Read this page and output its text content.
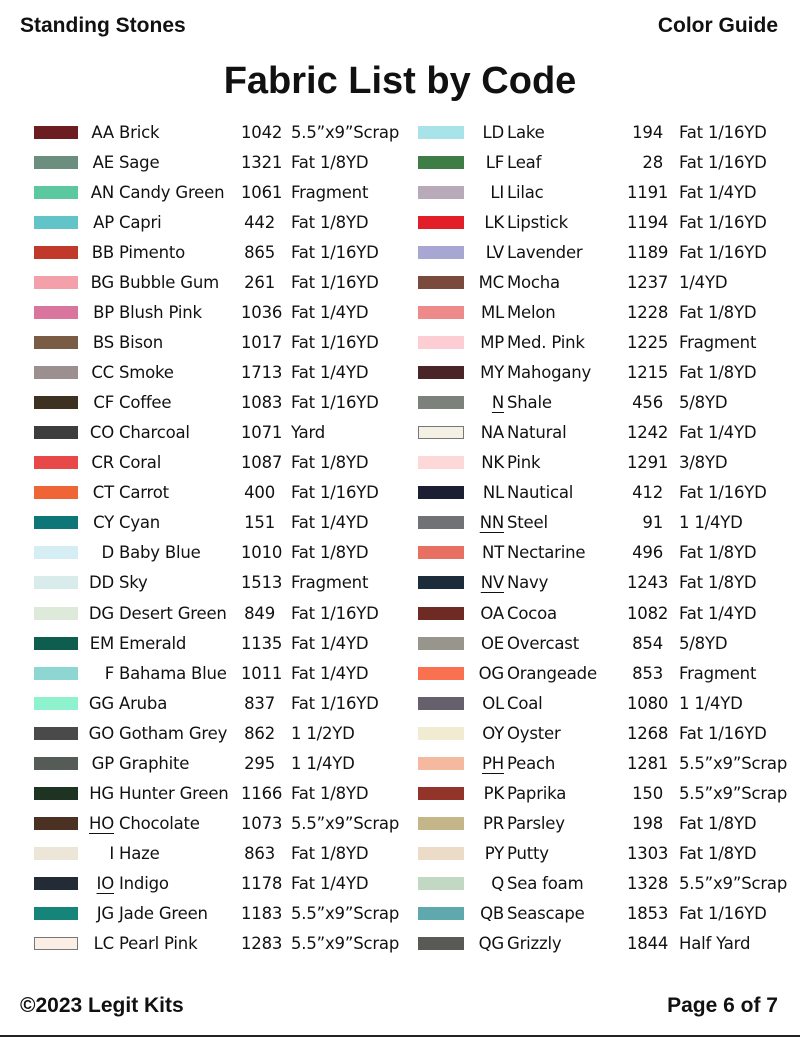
Standing Stones	Color Guide
Fabric List by Code
AA Brick	1042 5.5”x9”Scrap
AE Sage	1321 Fat 1/8YD
AN Candy Green	1061 Fragment
AP Capri	442 Fat 1/8YD
BB Pimento	865 Fat 1/16YD
BG Bubble Gum	261 Fat 1/16YD
BP Blush Pink	1036 Fat 1/4YD
BS Bison	1017 Fat 1/16YD
CC Smoke	1713 Fat 1/4YD
CF Coffee	1083 Fat 1/16YD
CO Charcoal	1071 Yard
CR Coral	1087 Fat 1/8YD
CT Carrot	400 Fat 1/16YD
CY Cyan	151 Fat 1/4YD
D Baby Blue	1010 Fat 1/8YD
DD Sky	1513 Fragment
DG Desert Green	849 Fat 1/16YD
EM Emerald	1135 Fat 1/4YD
F Bahama Blue 1011 Fat 1/4YD
GG Aruba	837 Fat 1/16YD
GO Gotham Grey	862 1 1/2YD
GP Graphite	295 1 1/4YD
HG Hunter Green 1166 Fat 1/8YD
HO Chocolate	1073 5.5”x9”Scrap
I Haze	863 Fat 1/8YD
IO Indigo	1178 Fat 1/4YD
JG Jade Green	1183 5.5”x9”Scrap
LC Pearl Pink	1283 5.5”x9”Scrap
LD Lake	194 Fat 1/16YD
LF Leaf	28 Fat 1/16YD
LI Lilac	1191 Fat 1/4YD
LK Lipstick	1194 Fat 1/16YD
LV Lavender	1189 Fat 1/16YD
MC Mocha	1237 1/4YD
ML Melon	1228 Fat 1/8YD
MP Med. Pink	1225 Fragment
MY Mahogany	1215 Fat 1/8YD
N Shale	456 5/8YD
NA Natural	1242 Fat 1/4YD
NK Pink	1291 3/8YD
NL Nautical	412 Fat 1/16YD
NN Steel	91 1 1/4YD
NT Nectarine	496 Fat 1/8YD
NV Navy	1243 Fat 1/8YD
OA Cocoa	1082 Fat 1/4YD
OE Overcast	854 5/8YD
OG Orangeade	853 Fragment
OL Coal	1080 1 1/4YD
OY Oyster	1268 Fat 1/16YD
PH Peach	1281 5.5”x9”Scrap
PK Paprika	150 5.5”x9”Scrap
PR Parsley	198 Fat 1/8YD
PY Putty	1303 Fat 1/8YD
Q Sea foam	1328 5.5”x9”Scrap
QB Seascape	1853 Fat 1/16YD
QG Grizzly	1844 Half Yard
©2023 Legit Kits	Page 6 of 7
